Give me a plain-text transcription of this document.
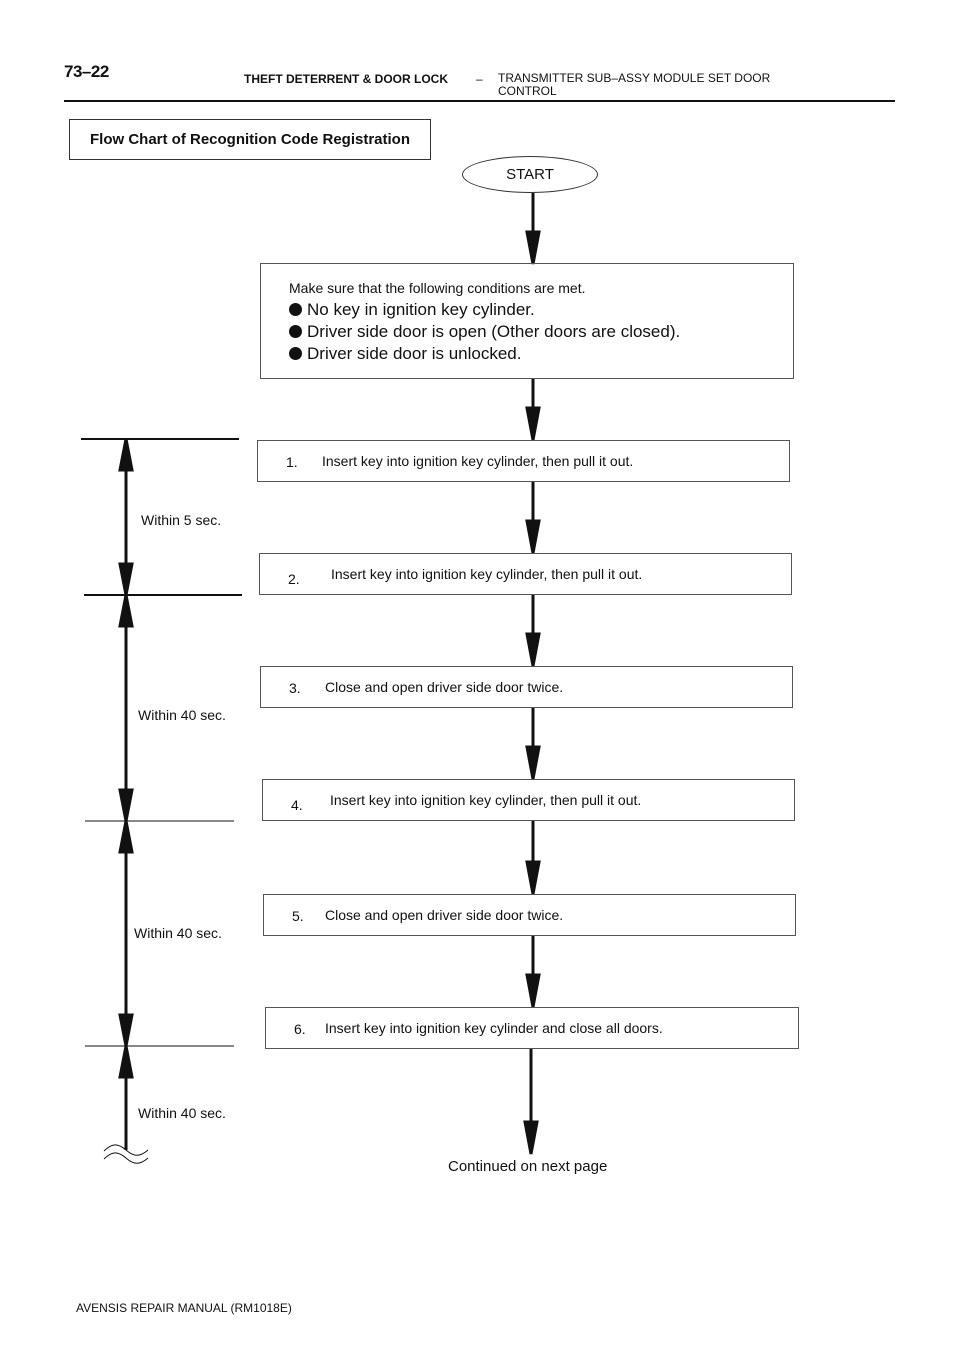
73–22	THEFT DETERRENT & DOOR LOCK – TRANSMITTER SUB–ASSY MODULE SET DOOR CONTROL
Flow Chart of Recognition Code Registration
START
Make sure that the following conditions are met.
No key in ignition key cylinder.
Driver side door is open (Other doors are closed).
Driver side door is unlocked.
1. Insert key into ignition key cylinder, then pull it out.
2. Insert key into ignition key cylinder, then pull it out.
3. Close and open driver side door twice.
4. Insert key into ignition key cylinder, then pull it out.
5. Close and open driver side door twice.
6. Insert key into ignition key cylinder and close all doors.
Within 5 sec.
Within 40 sec.
Within 40 sec.
Within 40 sec.
Continued on next page
AVENSIS REPAIR MANUAL (RM1018E)
